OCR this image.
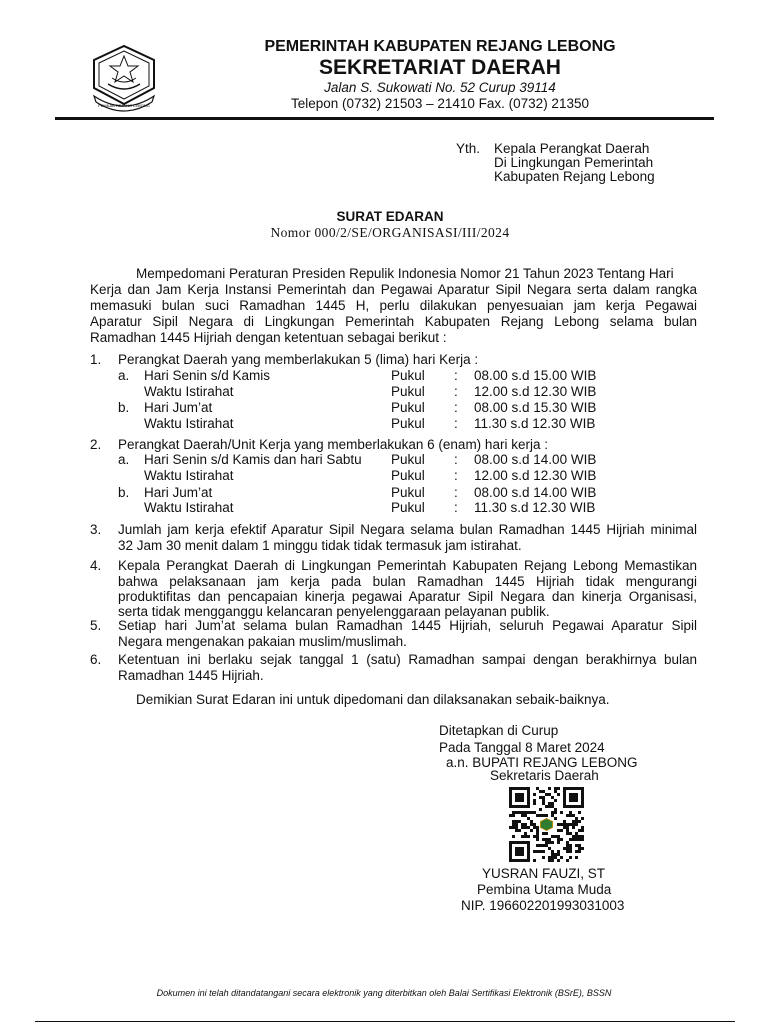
PEMKAB REJANG LEBONG
PEMERINTAH KABUPATEN REJANG LEBONG
SEKRETARIAT DAERAH
Jalan S. Sukowati No. 52 Curup 39114
Telepon (0732) 21503 – 21410 Fax. (0732) 21350
Yth. Kepala Perangkat Daerah
Di Lingkungan Pemerintah
Kabupaten Rejang Lebong
SURAT EDARAN
Nomor 000/2/SE/ORGANISASI/III/2024
Mempedomani Peraturan Presiden Repulik Indonesia Nomor 21 Tahun 2023 Tentang Hari
Kerja dan Jam Kerja Instansi Pemerintah dan Pegawai Aparatur Sipil Negara serta dalam rangka
memasuki bulan suci Ramadhan 1445 H, perlu dilakukan penyesuaian jam kerja Pegawai
Aparatur Sipil Negara di Lingkungan Pemerintah Kabupaten Rejang Lebong selama bulan
Ramadhan 1445 Hijriah dengan ketentuan sebagai berikut :
1. Perangkat Daerah yang memberlakukan 5 (lima) hari Kerja :
a. Hari Senin s/d Kamis	Pukul : 08.00 s.d 15.00 WIB
Waktu Istirahat	Pukul : 12.00 s.d 12.30 WIB
b. Hari Jum’at	Pukul : 08.00 s.d 15.30 WIB
Waktu Istirahat	Pukul : 11.30 s.d 12.30 WIB
2. Perangkat Daerah/Unit Kerja yang memberlakukan 6 (enam) hari kerja :
a. Hari Senin s/d Kamis dan hari Sabtu Pukul : 08.00 s.d 14.00 WIB
Waktu Istirahat	Pukul : 12.00 s.d 12.30 WIB
b. Hari Jum’at	Pukul : 08.00 s.d 14.00 WIB
Waktu Istirahat	Pukul : 11.30 s.d 12.30 WIB
3. Jumlah jam kerja efektif Aparatur Sipil Negara selama bulan Ramadhan 1445 Hijriah minimal
32 Jam 30 menit dalam 1 minggu tidak tidak termasuk jam istirahat.
4. Kepala Perangkat Daerah di Lingkungan Pemerintah Kabupaten Rejang Lebong Memastikan
bahwa pelaksanaan jam kerja pada bulan Ramadhan 1445 Hijriah tidak mengurangi
produktifitas dan pencapaian kinerja pegawai Aparatur Sipil Negara dan kinerja Organisasi,
serta tidak mengganggu kelancaran penyelenggaraan pelayanan publik.
5. Setiap hari Jum’at selama bulan Ramadhan 1445 Hijriah, seluruh Pegawai Aparatur Sipil
Negara mengenakan pakaian muslim/muslimah.
6. Ketentuan ini berlaku sejak tanggal 1 (satu) Ramadhan sampai dengan berakhirnya bulan
Ramadhan 1445 Hijriah.
Demikian Surat Edaran ini untuk dipedomani dan dilaksanakan sebaik-baiknya.
Ditetapkan di Curup
Pada Tanggal 8 Maret 2024
a.n. BUPATI REJANG LEBONG
Sekretaris Daerah
YUSRAN FAUZI, ST
Pembina Utama Muda
NIP. 196602201993031003
Dokumen ini telah ditandatangani secara elektronik yang diterbitkan oleh Balai Sertifikasi Elektronik (BSrE), BSSN
